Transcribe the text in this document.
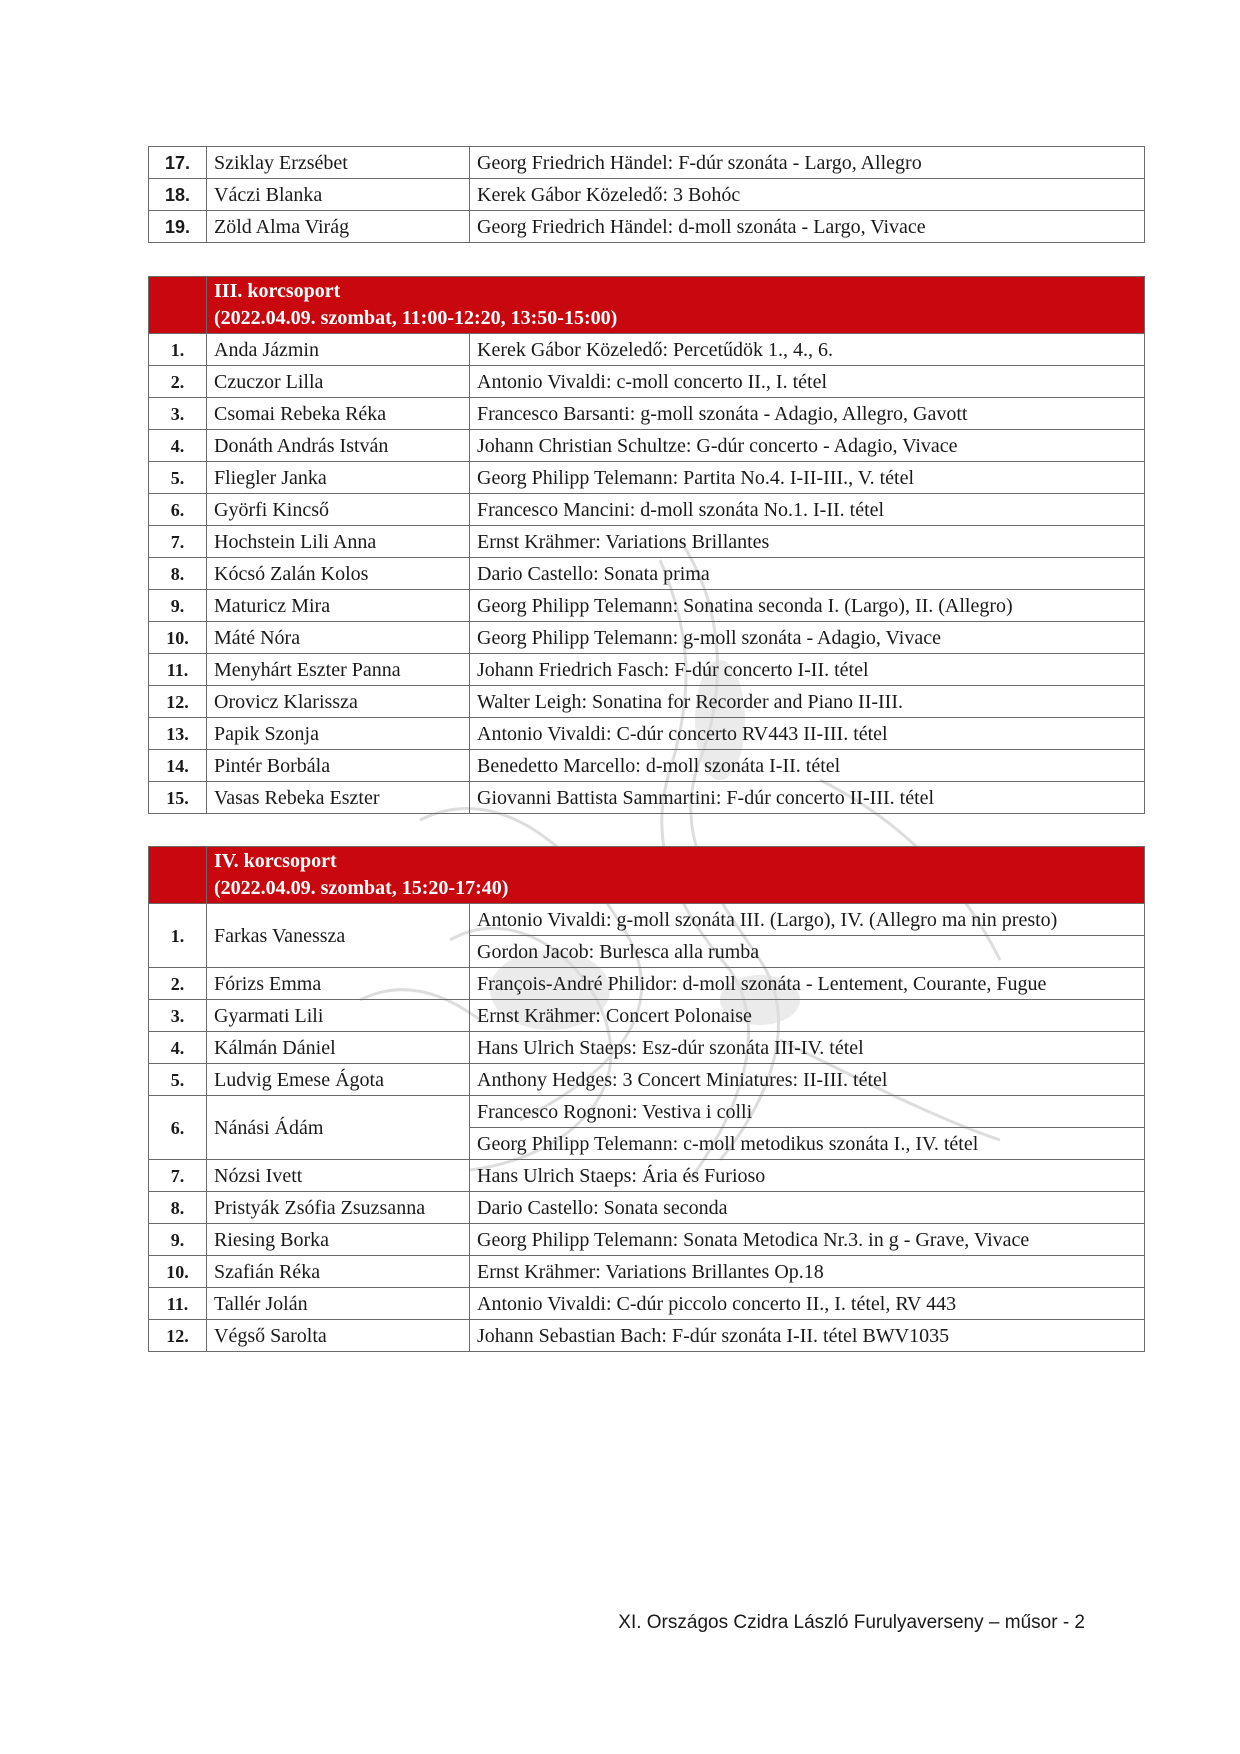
17.	Sziklay Erzsébet	Georg Friedrich Händel: F-dúr szonáta - Largo, Allegro
18.	Váczi Blanka	Kerek Gábor Közeledő: 3 Bohóc
19.	Zöld Alma Virág	Georg Friedrich Händel: d-moll szonáta - Largo, Vivace

	III. korcsoport
(2022.04.09. szombat, 11:00-12:20, 13:50-15:00)	

1.	Anda Jázmin	Kerek Gábor Közeledő: Percetűdök 1., 4., 6.
2.	Czuczor Lilla	Antonio Vivaldi: c-moll concerto II., I. tétel
3.	Csomai Rebeka Réka	Francesco Barsanti: g-moll szonáta - Adagio, Allegro, Gavott
4.	Donáth András István	Johann Christian Schultze: G-dúr concerto - Adagio, Vivace
5.	Fliegler Janka	Georg Philipp Telemann: Partita No.4. I-II-III., V. tétel
6.	Györfi Kincső	Francesco Mancini: d-moll szonáta No.1. I-II. tétel
7.	Hochstein Lili Anna	Ernst Krähmer: Variations Brillantes
8.	Kócsó Zalán Kolos	Dario Castello: Sonata prima
9.	Maturicz Mira	Georg Philipp Telemann: Sonatina seconda I. (Largo), II. (Allegro)
10.	Máté Nóra	Georg Philipp Telemann: g-moll szonáta - Adagio, Vivace
11.	Menyhárt Eszter Panna	Johann Friedrich Fasch: F-dúr concerto I-II. tétel
12.	Orovicz Klarissza	Walter Leigh: Sonatina for Recorder and Piano II-III.
13.	Papik Szonja	Antonio Vivaldi: C-dúr concerto RV443 II-III. tétel
14.	Pintér Borbála	Benedetto Marcello: d-moll szonáta I-II. tétel
15.	Vasas Rebeka Eszter	Giovanni Battista Sammartini: F-dúr concerto II-III. tétel

	IV. korcsoport
(2022.04.09. szombat, 15:20-17:40)	

1.	Farkas Vanessza	Antonio Vivaldi: g-moll szonáta III. (Largo), IV. (Allegro ma nin presto)
		Gordon Jacob: Burlesca alla rumba
2.	Fórizs Emma	François-André Philidor: d-moll szonáta - Lentement, Courante, Fugue
3.	Gyarmati Lili	Ernst Krähmer: Concert Polonaise
4.	Kálmán Dániel	Hans Ulrich Staeps: Esz-dúr szonáta III-IV. tétel
5.	Ludvig Emese Ágota	Anthony Hedges: 3 Concert Miniatures: II-III. tétel
6.	Nánási Ádám	Francesco Rognoni: Vestiva i colli
		Georg Philipp Telemann: c-moll metodikus szonáta I., IV. tétel
7.	Nózsi Ivett	Hans Ulrich Staeps: Ária és Furioso
8.	Pristyák Zsófia Zsuzsanna	Dario Castello: Sonata seconda
9.	Riesing Borka	Georg Philipp Telemann: Sonata Metodica Nr.3. in g - Grave, Vivace
10.	Szafián Réka	Ernst Krähmer: Variations Brillantes Op.18
11.	Tallér Jolán	Antonio Vivaldi: C-dúr piccolo concerto II., I. tétel, RV 443
12.	Végső Sarolta	Johann Sebastian Bach: F-dúr szonáta I-II. tétel BWV1035
XI. Országos Czidra László Furulyaverseny – műsor - 2
